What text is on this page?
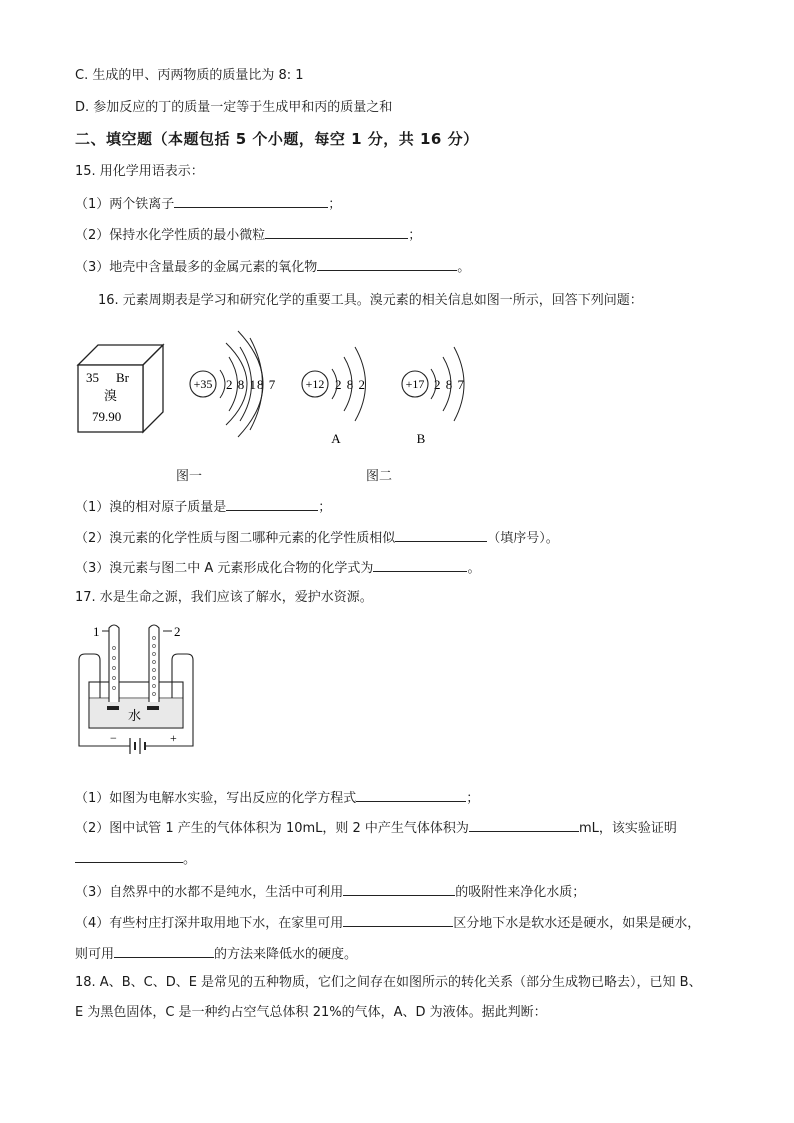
C. 生成的甲、丙两物质的质量比为 8: 1
D. 参加反应的丁的质量一定等于生成甲和丙的质量之和
二、填空题（本题包括 5 个小题，每空 1 分，共 16 分）
15. 用化学用语表示：
（1）两个铁离子	；
（2）保持水化学性质的最小微粒	；
（3）地壳中含量最多的金属元素的氧化物	。
16. 元素周期表是学习和研究化学的重要工具。溴元素的相关信息如图一所示，回答下列问题：
35 Br
溴
79.90
图一
+35 2 8 18 7 +12 2 8 2
A
+17 2 8 7
B
图二
（1）溴的相对原子质量是	；
（2）溴元素的化学性质与图二哪种元素的化学性质相似	（填序号）。
（3）溴元素与图二中 A 元素形成化合物的化学式为	。
17. 水是生命之源，我们应该了解水，爱护水资源。
1	2
水
−	+
（1）如图为电解水实验，写出反应的化学方程式	；
（2）图中试管 1 产生的气体体积为 10mL，则 2 中产生气体体积为	mL，该实验证明
。
（3）自然界中的水都不是纯水，生活中可利用	的吸附性来净化水质；
（4）有些村庄打深井取用地下水，在家里可用	区分地下水是软水还是硬水，如果是硬水，
则可用	的方法来降低水的硬度。
18. A、B、C、D、E 是常见的五种物质，它们之间存在如图所示的转化关系（部分生成物已略去），已知 B、
E 为黑色固体，C 是一种约占空气总体积 21%的气体，A、D 为液体。据此判断：
